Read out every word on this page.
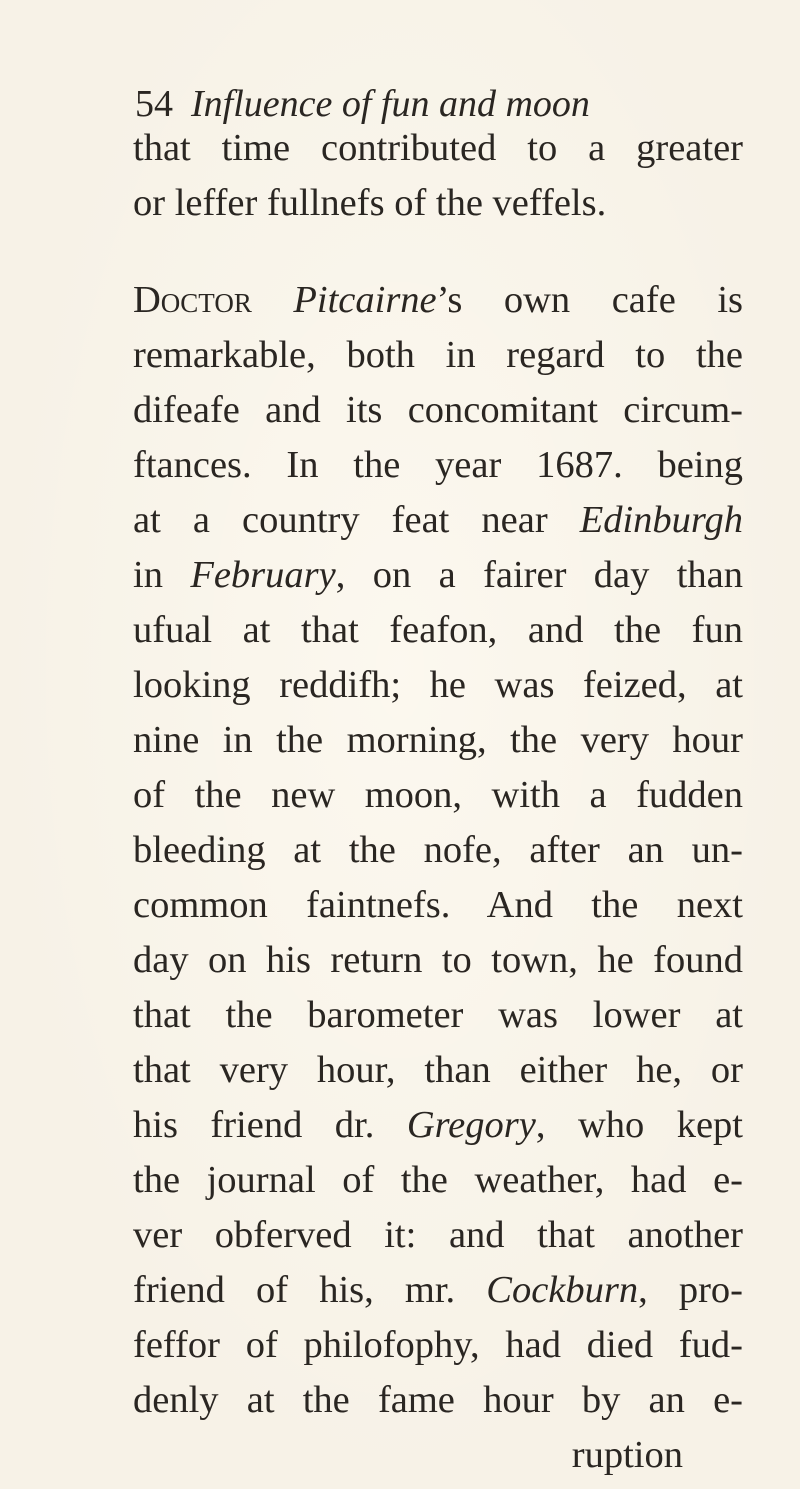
54 Influence of fun and moon
that time contributed to a greater
or leffer fullnefs of the veffels.
Doctor Pitcairne’s own cafe is
remarkable, both in regard to the
difeafe and its concomitant circum-
ftances. In the year 1687. being
at a country feat near Edinburgh
in February, on a fairer day than
ufual at that feafon, and the fun
looking reddifh; he was feized, at
nine in the morning, the very hour
of the new moon, with a fudden
bleeding at the nofe, after an un-
common faintnefs. And the next
day on his return to town, he found
that the barometer was lower at
that very hour, than either he, or
his friend dr. Gregory, who kept
the journal of the weather, had e-
ver obferved it: and that another
friend of his, mr. Cockburn, pro-
feffor of philofophy, had died fud-
denly at the fame hour by an e-
ruption
